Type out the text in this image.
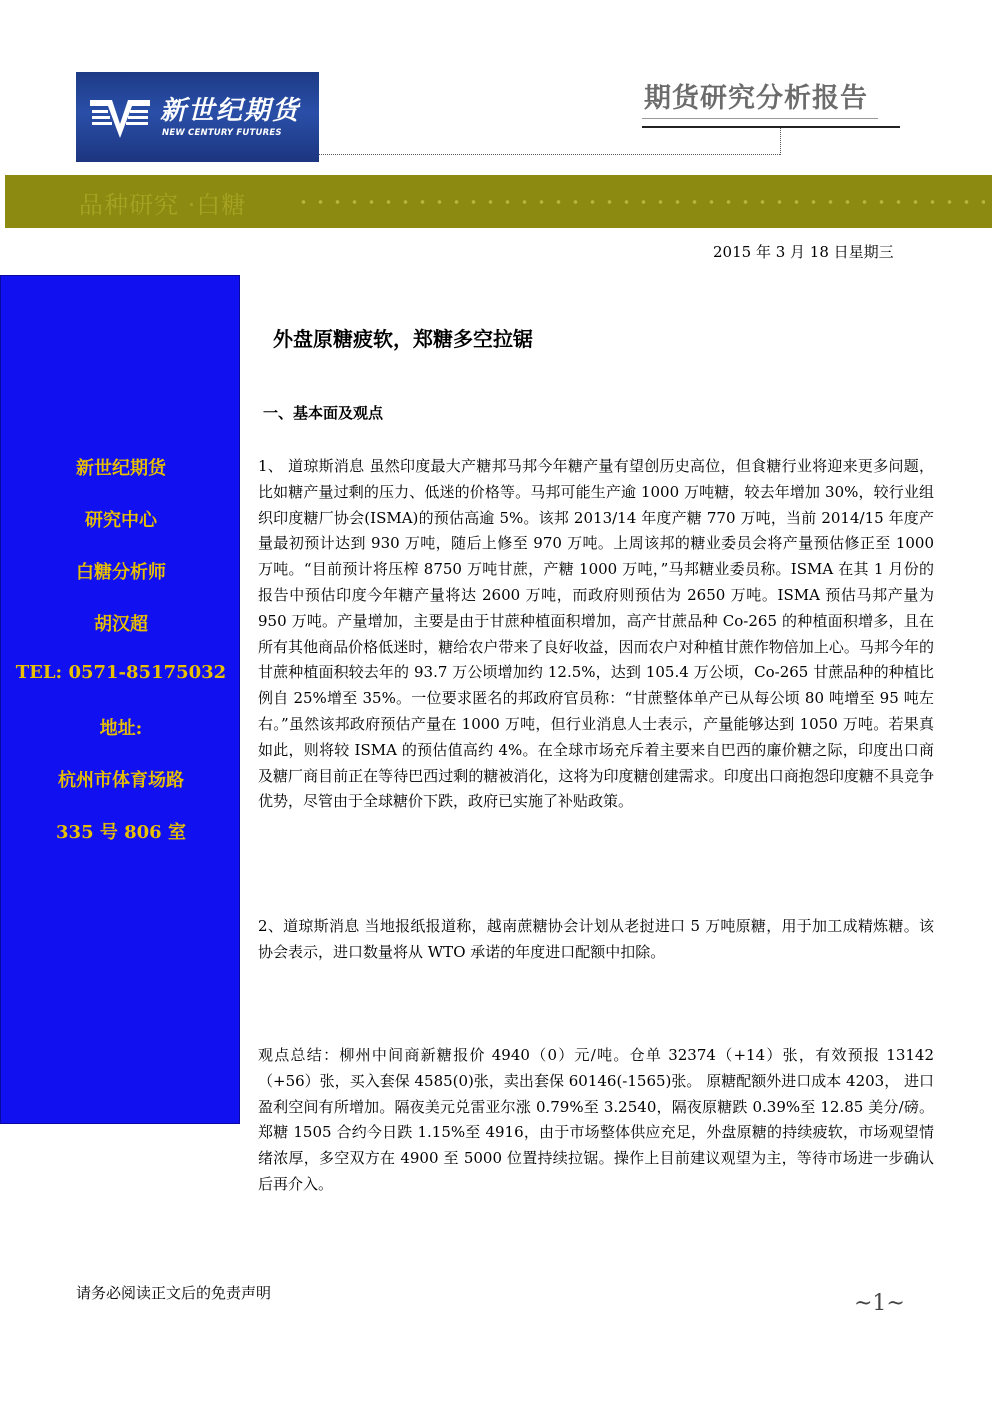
新世纪期货
NEW CENTURY FUTURES
期货研究分析报告
品种研究 ·白糖
2015 年 3 月 18 日星期三
新世纪期货
研究中心
白糖分析师
胡汉超
TEL: 0571-85175032
地址:
杭州市体育场路
335 号 806 室
外盘原糖疲软，郑糖多空拉锯
一、基本面及观点
1、 道琼斯消息 虽然印度最大产糖邦马邦今年糖产量有望创历史高位，但食糖行业将迎来更多问题，比如糖产量过剩的压力、低迷的价格等。马邦可能生产逾 1000 万吨糖，较去年增加 30%，较行业组织印度糖厂协会(ISMA)的预估高逾 5%。该邦 2013/14 年度产糖 770 万吨，当前 2014/15 年度产量最初预计达到 930 万吨，随后上修至 970 万吨。上周该邦的糖业委员会将产量预估修正至 1000 万吨。“目前预计将压榨 8750 万吨甘蔗，产糖 1000 万吨，”马邦糖业委员称。ISMA 在其 1 月份的报告中预估印度今年糖产量将达 2600 万吨，而政府则预估为 2650 万吨。ISMA 预估马邦产量为 950 万吨。产量增加，主要是由于甘蔗种植面积增加，高产甘蔗品种 Co-265 的种植面积增多，且在所有其他商品价格低迷时，糖给农户带来了良好收益，因而农户对种植甘蔗作物倍加上心。马邦今年的甘蔗种植面积较去年的 93.7 万公顷增加约 12.5%，达到 105.4 万公顷，Co-265 甘蔗品种的种植比例自 25%增至 35%。一位要求匿名的邦政府官员称：“甘蔗整体单产已从每公顷 80 吨增至 95 吨左右。”虽然该邦政府预估产量在 1000 万吨，但行业消息人士表示，产量能够达到 1050 万吨。若果真如此，则将较 ISMA 的预估值高约 4%。在全球市场充斥着主要来自巴西的廉价糖之际，印度出口商及糖厂商目前正在等待巴西过剩的糖被消化，这将为印度糖创建需求。印度出口商抱怨印度糖不具竞争优势，尽管由于全球糖价下跌，政府已实施了补贴政策。
2、道琼斯消息 当地报纸报道称，越南蔗糖协会计划从老挝进口 5 万吨原糖，用于加工成精炼糖。该协会表示，进口数量将从 WTO 承诺的年度进口配额中扣除。
观点总结：柳州中间商新糖报价 4940（0）元/吨。仓单 32374（+14）张，有效预报 13142（+56）张，买入套保 4585(0)张，卖出套保 60146(-1565)张。 原糖配额外进口成本 4203， 进口盈利空间有所增加。隔夜美元兑雷亚尔涨 0.79%至 3.2540，隔夜原糖跌 0.39%至 12.85 美分/磅。郑糖 1505 合约今日跌 1.15%至 4916，由于市场整体供应充足，外盘原糖的持续疲软，市场观望情绪浓厚，多空双方在 4900 至 5000 位置持续拉锯。操作上目前建议观望为主，等待市场进一步确认后再介入。
请务必阅读正文后的免责声明	~1~
